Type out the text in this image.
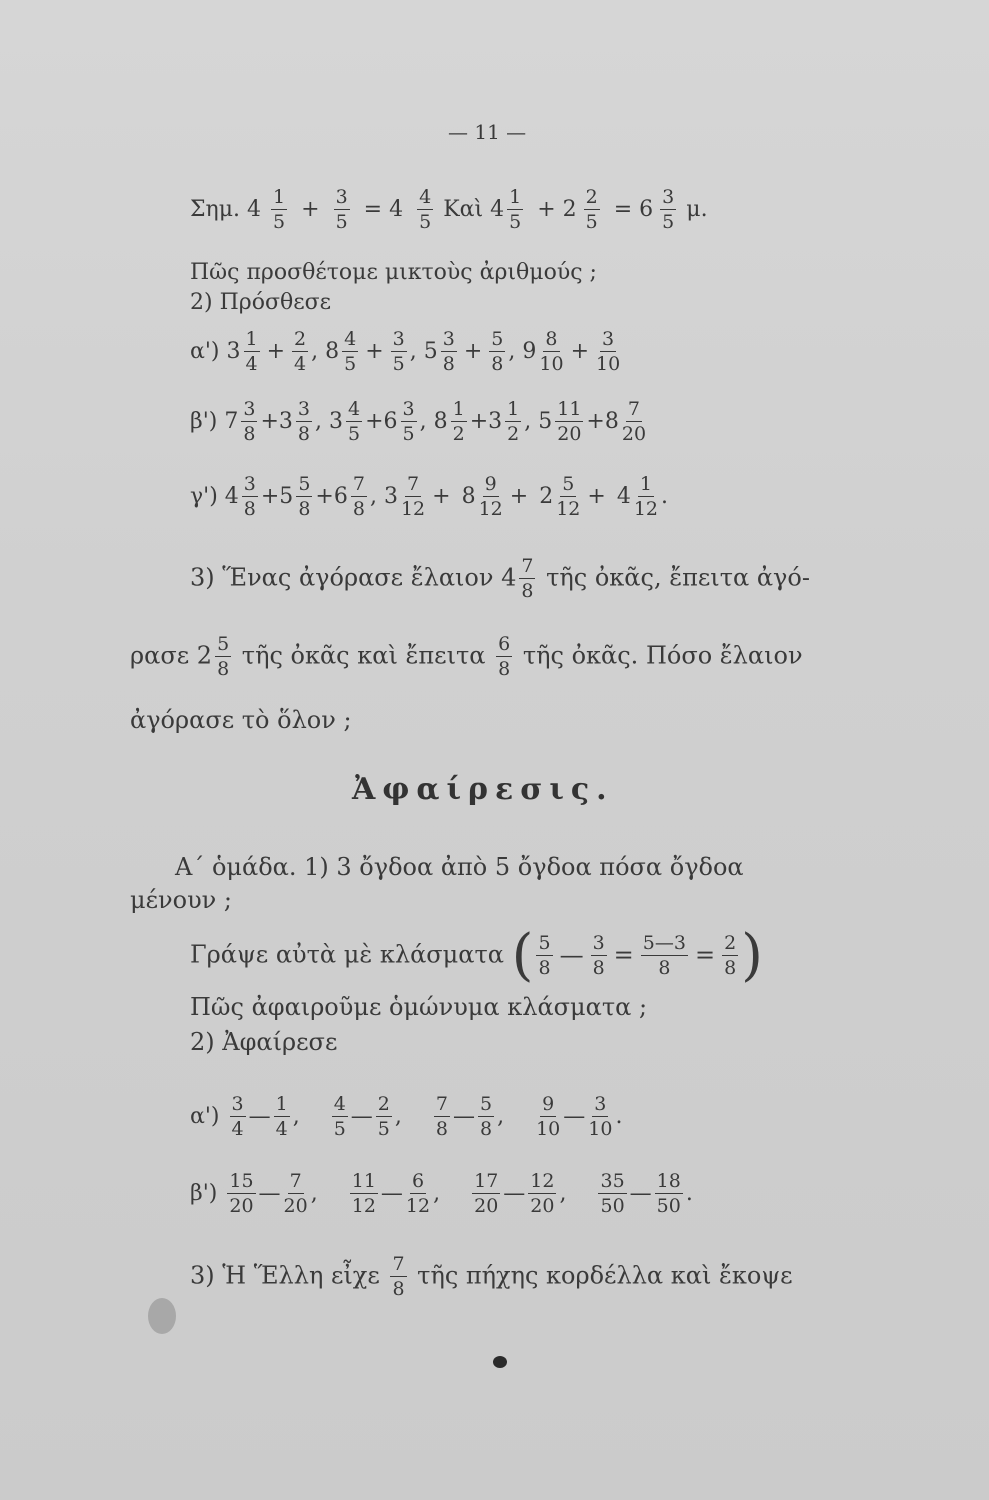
— 11 —
Σημ. $4 \frac{1}{5} + \frac{3}{5} = 4 \frac{4}{5}$ Καὶ $4 \frac{1}{5} + 2 \frac{2}{5} = 6 \frac{3}{5} \mu$.
Πῶς προσθέτομε μικτοὺς ἀριθμούς ;
2) Πρόσθεσε
α') $3 \frac{1}{4} + \frac{2}{4}$ , $8 \frac{4}{5} + \frac{3}{5}$ , $5 \frac{3}{8} + \frac{5}{8}$ , $9 \frac{8}{10} + \frac{3}{10}$
β') $7 \frac{3}{8} +3 \frac{3}{8}$ , $3 \frac{4}{5} +6 \frac{3}{5}$ , $8 \frac{1}{2} +3 \frac{1}{2}$ , $5 \frac{11}{20} +8 \frac{7}{20}$
γ') $4 \frac{3}{8} +5 \frac{5}{8} +6 \frac{7}{8}$ , $3 \frac{7}{12} + 8 \frac{9}{12} + 2 \frac{5}{12} + 4 \frac{1}{12}$ .
3) Ἕνας ἀγόρασε ἔλαιον $4 \frac{7}{8}$ τῆς ὀκᾶς, ἔπειτα ἀγό-
ρασε $2 \frac{5}{8}$ τῆς ὀκᾶς καὶ ἔπειτα $\frac{6}{8}$ τῆς ὀκᾶς. Πόσο ἔλαιον
ἀγόρασε τὸ ὅλον ;
Ἀφαίρεσις.
Α΄ ὁμάδα. 1) 3 ὄγδοα ἀπὸ 5 ὄγδοα πόσα ὄγδοα
μένουν ;
Γράψε αὐτὰ μὲ κλάσματα ( $\frac{5}{8}$ — $\frac{3}{8} = \frac{5—3}{8} = \frac{2}{8}$ )
Πῶς ἀφαιροῦμε ὁμώνυμα κλάσματα ;
2) Ἀφαίρεσε
$\alpha') \frac{3}{4}$ — $\frac{1}{4}$ , $\frac{4}{5}$ — $\frac{2}{5}$ , $\frac{7}{8}$ — $\frac{5}{8}$ , $\frac{9}{10}$ — $\frac{3}{10}$ .
$\beta') \frac{15}{20}$ — $\frac{7}{20}$ , $\frac{11}{12}$ — $\frac{6}{12}$ , $\frac{17}{20}$ — $\frac{12}{20}$ , $\frac{35}{50}$ — $\frac{18}{50}$ .
3) Ἡ Ἕλλη εἶχε $\frac{7}{8}$ τῆς πήχης κορδέλλα καὶ ἔκοψε
